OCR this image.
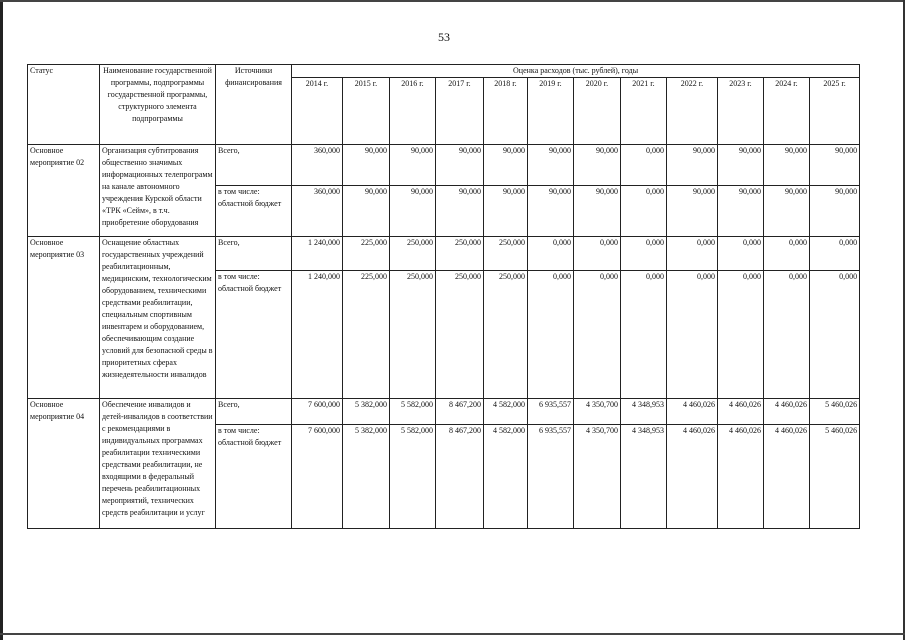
53
Статус	Наименование государственной программы, подпрограммы государственной программы, структурного элемента подпрограммы	Источники финансирования	Оценка расходов (тыс. рублей), годы											
			2014 г.	2015 г.	2016 г.	2017 г.	2018 г.	2019 г.	2020 г.	2021 г.	2022 г.	2023 г.	2024 г.	2025 г.
Основное мероприятие 02	Организация субтитрования общественно значимых информационных телепрограмм на канале автономного учреждения Курской области «ТРК «Сейм», в т.ч. приобретение оборудования	Всего,	360,000	90,000	90,000	90,000	90,000	90,000	90,000	0,000	90,000	90,000	90,000	90,000
		в том числе: областной бюджет	360,000	90,000	90,000	90,000	90,000	90,000	90,000	0,000	90,000	90,000	90,000	90,000
Основное мероприятие 03	Оснащение областных государственных учреждений реабилитационным, медицинским, технологическим оборудованием, техническими средствами реабилитации, специальным спортивным инвентарем и оборудованием, обеспечивающим создание условий для безопасной среды в приоритетных сферах жизнедеятельности инвалидов	Всего,	1 240,000	225,000	250,000	250,000	250,000	0,000	0,000	0,000	0,000	0,000	0,000	0,000
		в том числе: областной бюджет	1 240,000	225,000	250,000	250,000	250,000	0,000	0,000	0,000	0,000	0,000	0,000	0,000
Основное мероприятие 04	Обеспечение инвалидов и детей-инвалидов в соответствии с рекомендациями в индивидуальных программах реабилитации техническими средствами реабилитации, не входящими в федеральный перечень реабилитационных мероприятий, технических средств реабилитации и услуг	Всего,	7 600,000	5 382,000	5 582,000	8 467,200	4 582,000	6 935,557	4 350,700	4 348,953	4 460,026	4 460,026	4 460,026	5 460,026
		в том числе: областной бюджет	7 600,000	5 382,000	5 582,000	8 467,200	4 582,000	6 935,557	4 350,700	4 348,953	4 460,026	4 460,026	4 460,026	5 460,026
